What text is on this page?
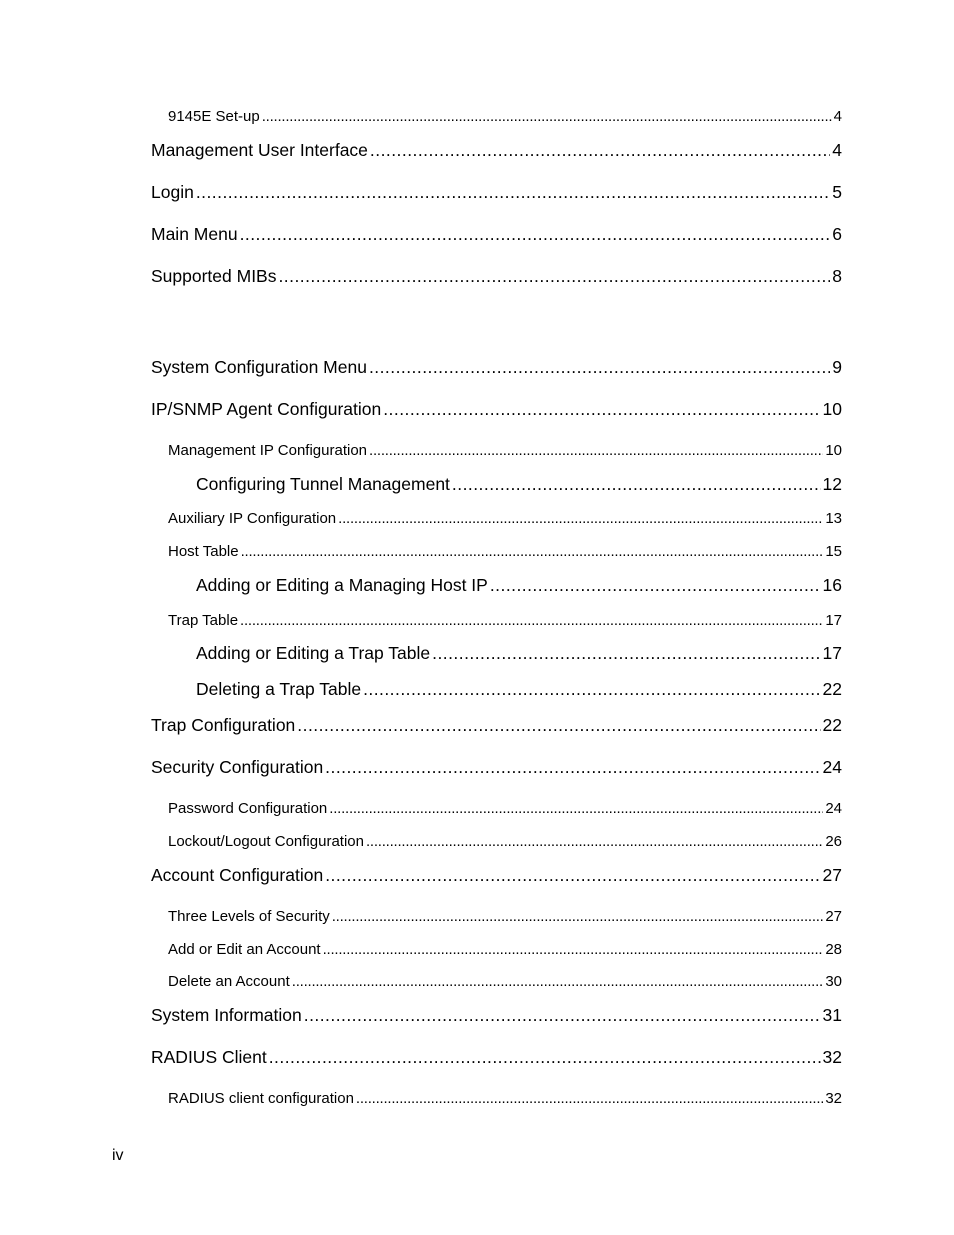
9145E Set-up . . .	4
Management User Interface . . .	4
Login . . .	5
Main Menu . . .	6
Supported MIBs . . .	8
System Configuration Menu . . .	9
IP/SNMP Agent Configuration . . .	10
Management IP Configuration . . .	10
Configuring Tunnel Management . . .	12
Auxiliary IP Configuration . . .	13
Host Table . . .	15
Adding or Editing a Managing Host IP . . .	16
Trap Table . . .	17
Adding or Editing a Trap Table . . .	17
Deleting a Trap Table . . .	22
Trap Configuration . . .	22
Security Configuration . . .	24
Password Configuration . . .	24
Lockout/Logout Configuration . . .	26
Account Configuration . . .	27
Three Levels of Security . . .	27
Add or Edit an Account . . .	28
Delete an Account . . .	30
System Information . . .	31
RADIUS Client . . .	32
RADIUS client configuration . . .	32
iv
